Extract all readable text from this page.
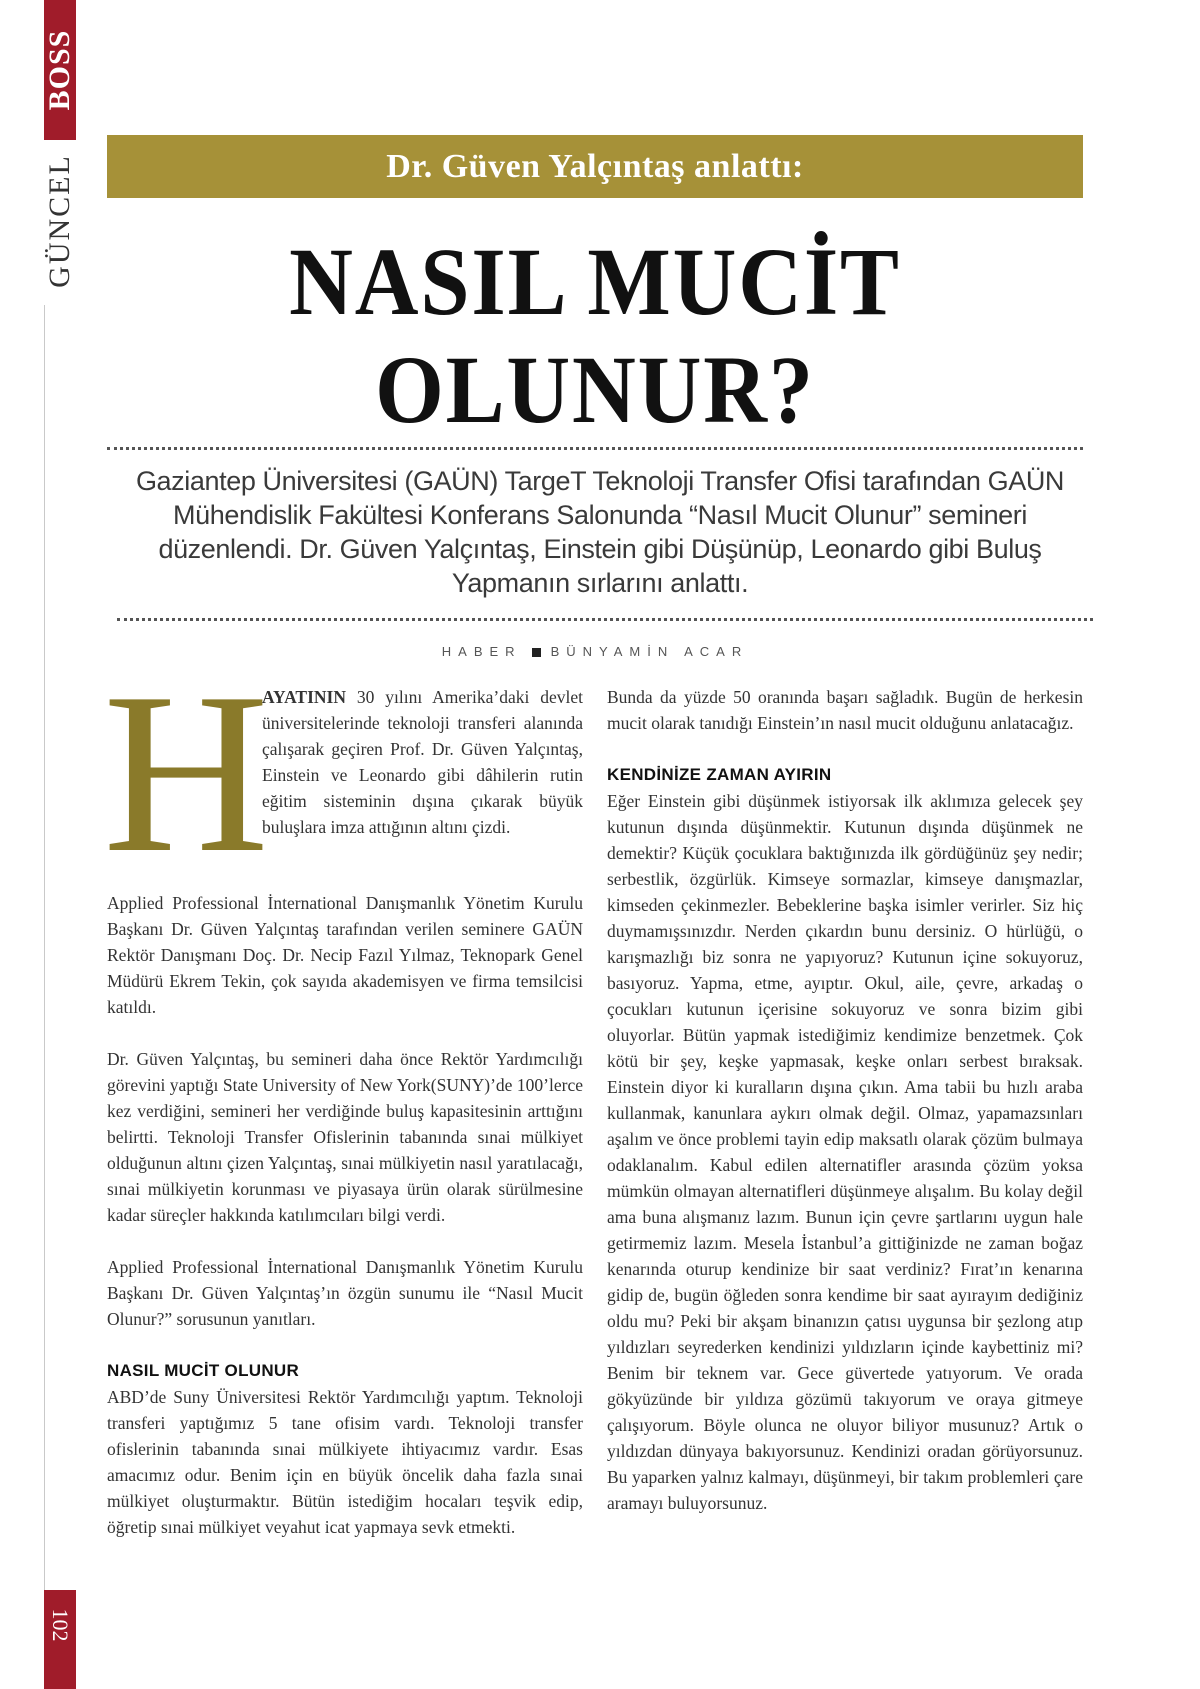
BOSS
GÜNCEL
102
Dr. Güven Yalçıntaş anlattı:
NASIL MUCİT
OLUNUR?
Gaziantep Üniversitesi (GAÜN) TargeT Teknoloji Transfer Ofisi tarafından GAÜN Mühendislik Fakültesi Konferans Salonunda “Nasıl Mucit Olunur” semineri düzenlendi. Dr. Güven Yalçıntaş, Einstein gibi Düşünüp, Leonardo gibi Buluş Yapmanın sırlarını anlattı.
HABER BÜNYAMİN ACAR
H
AYATININ 30 yılını Amerika’daki devlet üniversitelerinde teknoloji transferi alanında çalışarak geçiren Prof. Dr. Güven Yalçıntaş, Einstein ve Leonardo gibi dâhilerin rutin eğitim sisteminin dışına çıkarak büyük buluşlara imza attığının altını çizdi.

Applied Professional İnternational Danışmanlık Yönetim Kurulu Başkanı Dr. Güven Yalçıntaş tarafından verilen seminere GAÜN Rektör Danışmanı Doç. Dr. Necip Fazıl Yılmaz, Teknopark Genel Müdürü Ekrem Tekin, çok sayıda akademisyen ve firma temsilcisi katıldı.

Dr. Güven Yalçıntaş, bu semineri daha önce Rektör Yardımcılığı görevini yaptığı State University of New York(SUNY)’de 100’lerce kez verdiğini, semineri her verdiğinde buluş kapasitesinin arttığını belirtti. Teknoloji Transfer Ofislerinin tabanında sınai mülkiyet olduğunun altını çizen Yalçıntaş, sınai mülkiyetin nasıl yaratılacağı, sınai mülkiyetin korunması ve piyasaya ürün olarak sürülmesine kadar süreçler hakkında katılımcıları bilgi verdi.

Applied Professional İnternational Danışmanlık Yönetim Kurulu Başkanı Dr. Güven Yalçıntaş’ın özgün sunumu ile “Nasıl Mucit Olunur?” sorusunun yanıtları.

NASIL MUCİT OLUNUR

ABD’de Suny Üniversitesi Rektör Yardımcılığı yaptım. Teknoloji transferi yaptığımız 5 tane ofisim vardı. Teknoloji transfer ofislerinin tabanında sınai mülkiyete ihtiyacımız vardır. Esas amacımız odur. Benim için en büyük öncelik daha fazla sınai mülkiyet oluşturmaktır. Bütün istediğim hocaları teşvik edip, öğretip sınai mülkiyet veyahut icat yapmaya sevk etmekti.

Bunda da yüzde 50 oranında başarı sağladık. Bugün de herkesin mucit olarak tanıdığı Einstein’ın nasıl mucit olduğunu anlatacağız.

KENDİNİZE ZAMAN AYIRIN

Eğer Einstein gibi düşünmek istiyorsak ilk aklımıza gelecek şey kutunun dışında düşünmektir. Kutunun dışında düşünmek ne demektir? Küçük çocuklara baktığınızda ilk gördüğünüz şey nedir; serbestlik, özgürlük. Kimseye sormazlar, kimseye danışmazlar, kimseden çekinmezler. Bebeklerine başka isimler verirler. Siz hiç duymamışsınızdır. Nerden çıkardın bunu dersiniz. O hürlüğü, o karışmazlığı biz sonra ne yapıyoruz? Kutunun içine sokuyoruz, basıyoruz. Yapma, etme, ayıptır. Okul, aile, çevre, arkadaş o çocukları kutunun içerisine sokuyoruz ve sonra bizim gibi oluyorlar. Bütün yapmak istediğimiz kendimize benzetmek. Çok kötü bir şey, keşke yapmasak, keşke onları serbest bıraksak. Einstein diyor ki kuralların dışına çıkın. Ama tabii bu hızlı araba kullanmak, kanunlara aykırı olmak değil. Olmaz, yapamazsınları aşalım ve önce problemi tayin edip maksatlı olarak çözüm bulmaya odaklanalım. Kabul edilen alternatifler arasında çözüm yoksa mümkün olmayan alternatifleri düşünmeye alışalım. Bu kolay değil ama buna alışmanız lazım. Bunun için çevre şartlarını uygun hale getirmemiz lazım. Mesela İstanbul’a gittiğinizde ne zaman boğaz kenarında oturup kendinize bir saat verdiniz? Fırat’ın kenarına gidip de, bugün öğleden sonra kendime bir saat ayırayım dediğiniz oldu mu? Peki bir akşam binanızın çatısı uygunsa bir şezlong atıp yıldızları seyrederken kendinizi yıldızların içinde kaybettiniz mi? Benim bir teknem var. Gece güvertede yatıyorum. Ve orada gökyüzünde bir yıldıza gözümü takıyorum ve oraya gitmeye çalışıyorum. Böyle olunca ne oluyor biliyor musunuz? Artık o yıldızdan dünyaya bakıyorsunuz. Kendinizi oradan görüyorsunuz. Bu yaparken yalnız kalmayı, düşünmeyi, bir takım problemleri çare aramayı buluyorsunuz.
